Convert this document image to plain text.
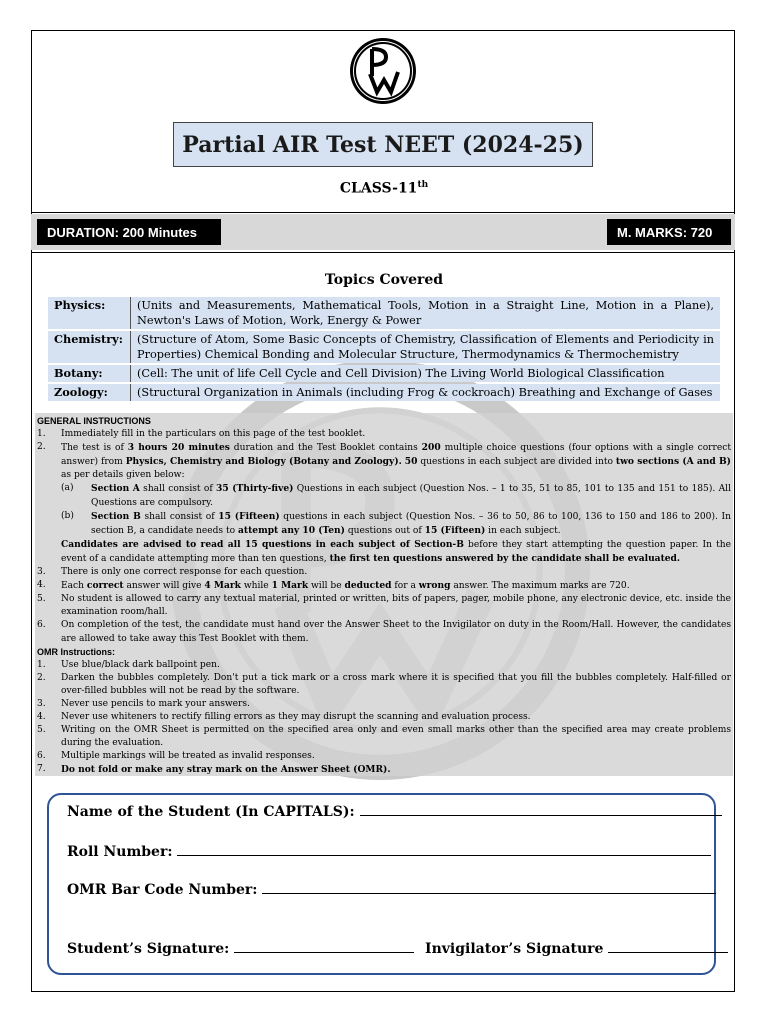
Partial AIR Test NEET (2024-25)
CLASS-11th
DURATION: 200 Minutes	M. MARKS: 720
Topics Covered
Physics:	(Units and Measurements, Mathematical Tools, Motion in a Straight Line, Motion in a Plane), Newton's Laws of Motion, Work, Energy & Power
Chemistry:	(Structure of Atom, Some Basic Concepts of Chemistry, Classification of Elements and Periodicity in Properties) Chemical Bonding and Molecular Structure, Thermodynamics & Thermochemistry
Botany:	(Cell: The unit of life Cell Cycle and Cell Division) The Living World Biological Classification
Zoology:	(Structural Organization in Animals (including Frog & cockroach) Breathing and Exchange of Gases
GENERAL INSTRUCTIONS
1.	Immediately fill in the particulars on this page of the test booklet.
2.	The test is of 3 hours 20 minutes duration and the Test Booklet contains 200 multiple choice questions (four options with a single correct answer) from Physics, Chemistry and Biology (Botany and Zoology). 50 questions in each subject are divided into two sections (A and B) as per details given below:
(a)	Section A shall consist of 35 (Thirty-five) Questions in each subject (Question Nos. – 1 to 35, 51 to 85, 101 to 135 and 151 to 185). All Questions are compulsory.
(b)	Section B shall consist of 15 (Fifteen) questions in each subject (Question Nos. – 36 to 50, 86 to 100, 136 to 150 and 186 to 200). In section B, a candidate needs to attempt any 10 (Ten) questions out of 15 (Fifteen) in each subject.
Candidates are advised to read all 15 questions in each subject of Section-B before they start attempting the question paper. In the event of a candidate attempting more than ten questions, the first ten questions answered by the candidate shall be evaluated.
3.	There is only one correct response for each question.
4.	Each correct answer will give 4 Mark while 1 Mark will be deducted for a wrong answer. The maximum marks are 720.
5.	No student is allowed to carry any textual material, printed or written, bits of papers, pager, mobile phone, any electronic device, etc. inside the examination room/hall.
6.	On completion of the test, the candidate must hand over the Answer Sheet to the Invigilator on duty in the Room/Hall. However, the candidates are allowed to take away this Test Booklet with them.
OMR Instructions:
1.	Use blue/black dark ballpoint pen.
2.	Darken the bubbles completely. Don't put a tick mark or a cross mark where it is specified that you fill the bubbles completely. Half-filled or over-filled bubbles will not be read by the software.
3.	Never use pencils to mark your answers.
4.	Never use whiteners to rectify filling errors as they may disrupt the scanning and evaluation process.
5.	Writing on the OMR Sheet is permitted on the specified area only and even small marks other than the specified area may create problems during the evaluation.
6.	Multiple markings will be treated as invalid responses.
7.	Do not fold or make any stray mark on the Answer Sheet (OMR).
Name of the Student (In CAPITALS):
Roll Number:
OMR Bar Code Number:
Student’s Signature:	Invigilator’s Signature
